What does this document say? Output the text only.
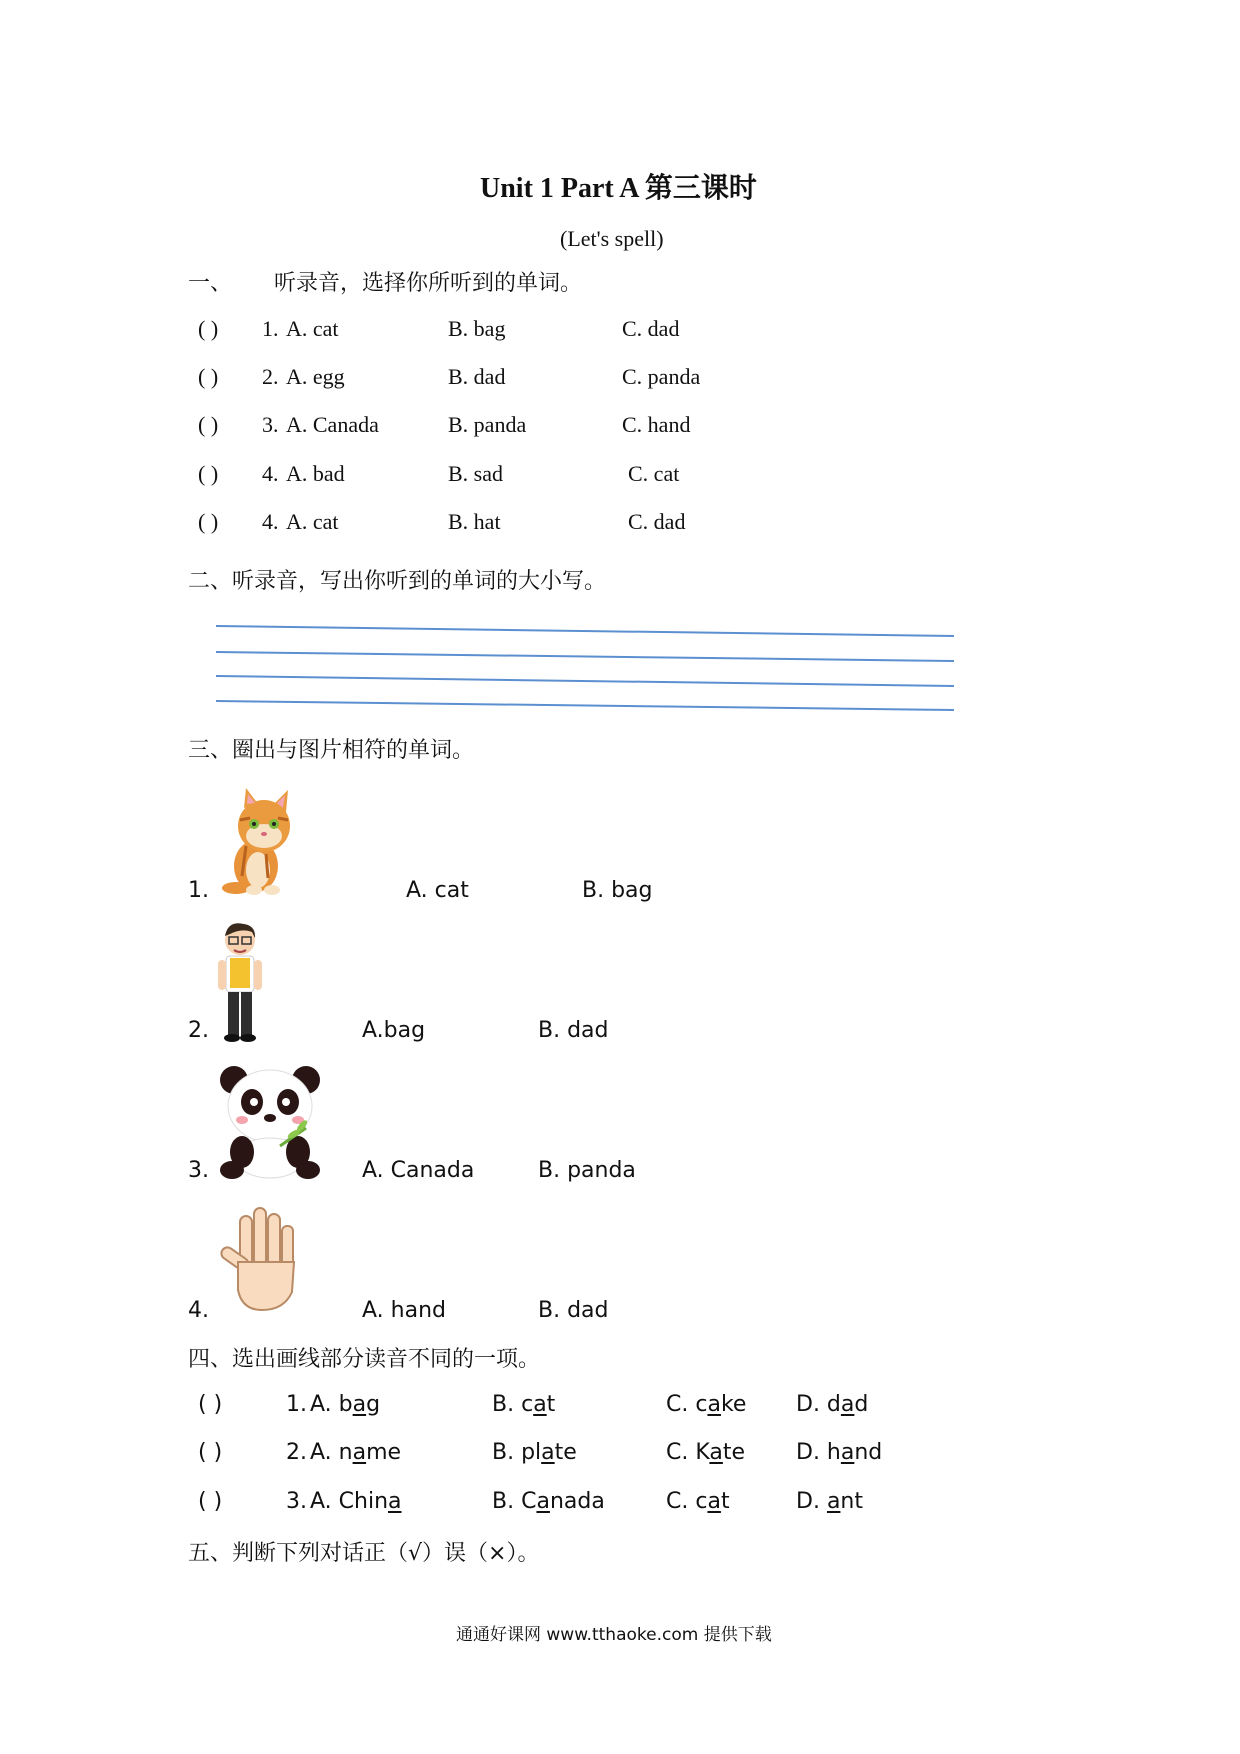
Unit 1 Part A 第三课时
(Let's spell)
一、 听录音，选择你所听到的单词。
( ) 1. A. cat	B. bag	C. dad
( ) 2. A. egg	B. dad	C. panda
( ) 3. A. Canada	B. panda	C. hand
( ) 4. A. bad	B. sad	C. cat
( ) 4. A. cat	B. hat	C. dad
二、听录音，写出你听到的单词的大小写。
三、圈出与图片相符的单词。
1.	A. cat	B. bag
2.	A.bag	B. dad
3.	A. Canada	B. panda
4.	A. hand	B. dad
四、选出画线部分读音不同的一项。
( )	1. A. bag	B. cat	C. cake D. dad
( )	2. A. name	B. plate	C. Kate D. hand
( )	3. A. China	B. Canada	C. cat	D. ant
五、判断下列对话正（√）误（×）。
通通好课网 www.tthaoke.com 提供下载
